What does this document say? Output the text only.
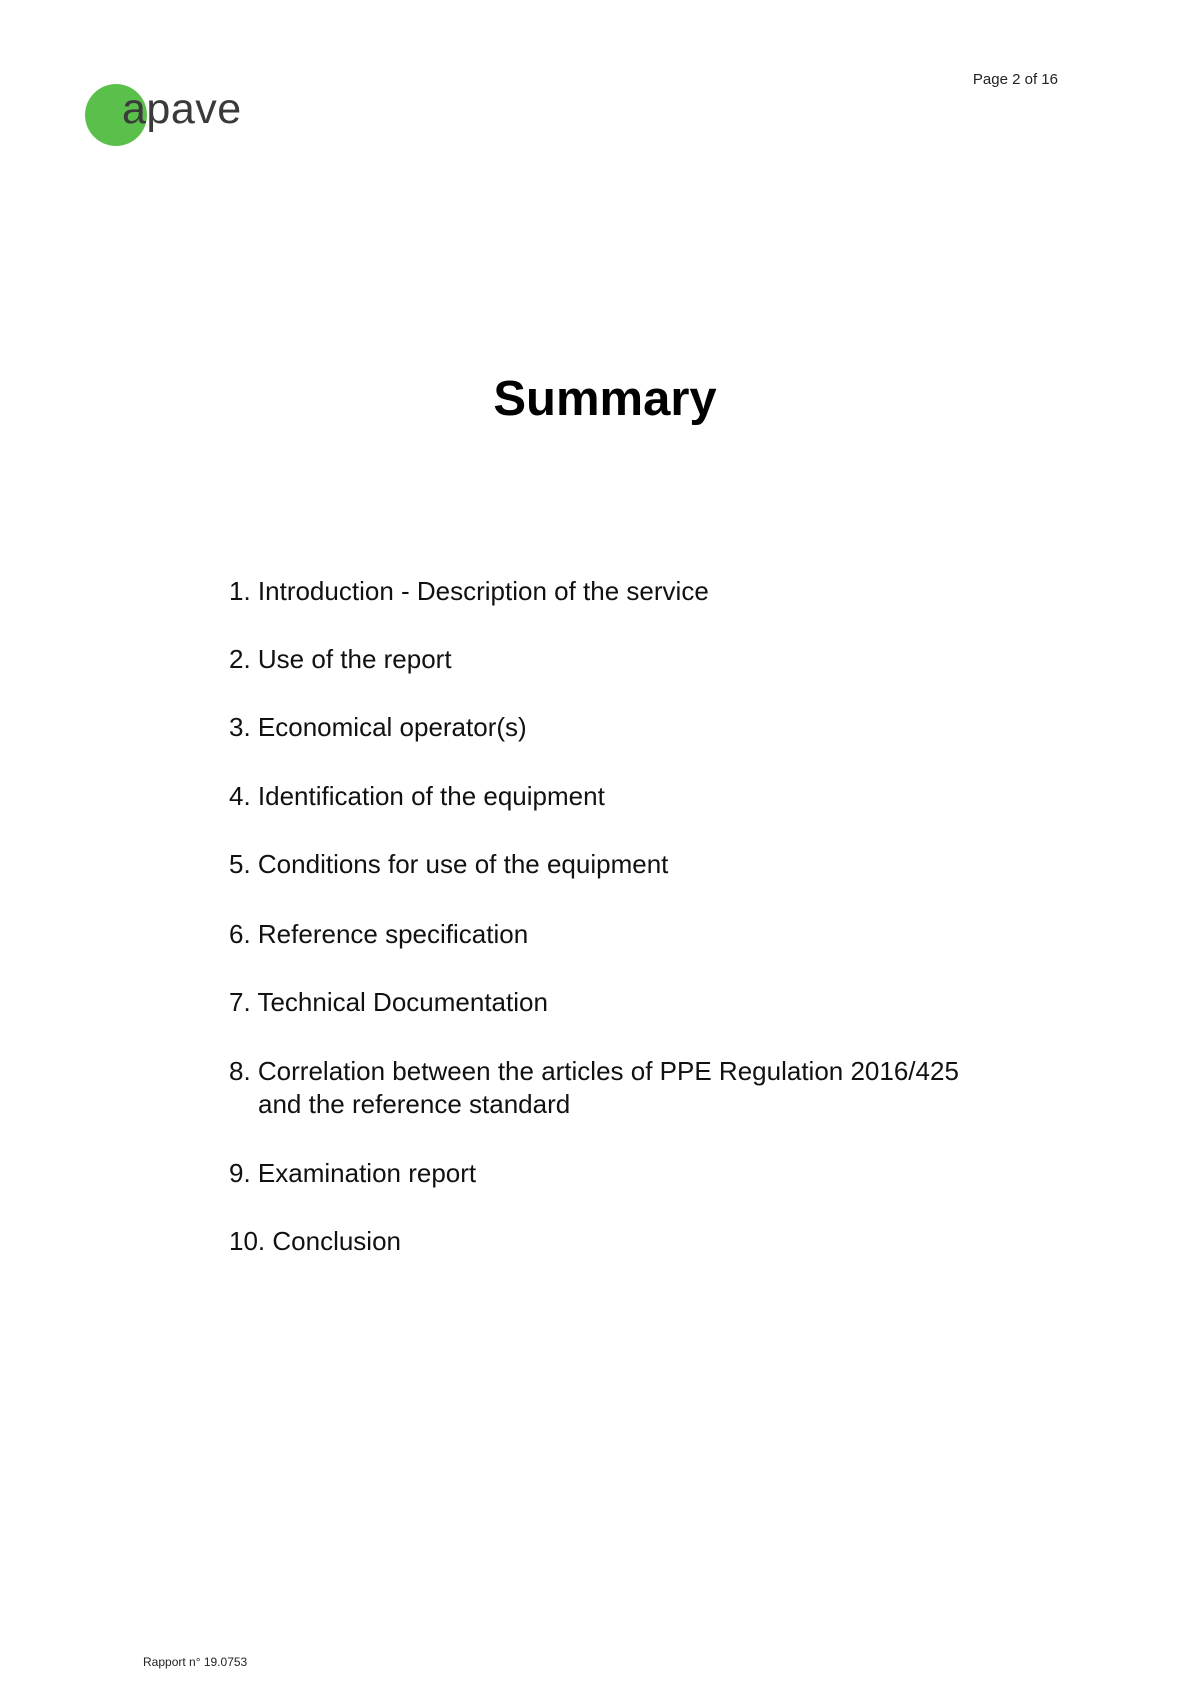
apave
Page 2 of 16
Summary
1. Introduction - Description of the service
2. Use of the report
3. Economical operator(s)
4. Identification of the equipment
5. Conditions for use of the equipment
6. Reference specification
7. Technical Documentation
8. Correlation between the articles of PPE Regulation 2016/425
and the reference standard
9. Examination report
10. Conclusion
Rapport n° 19.0753
